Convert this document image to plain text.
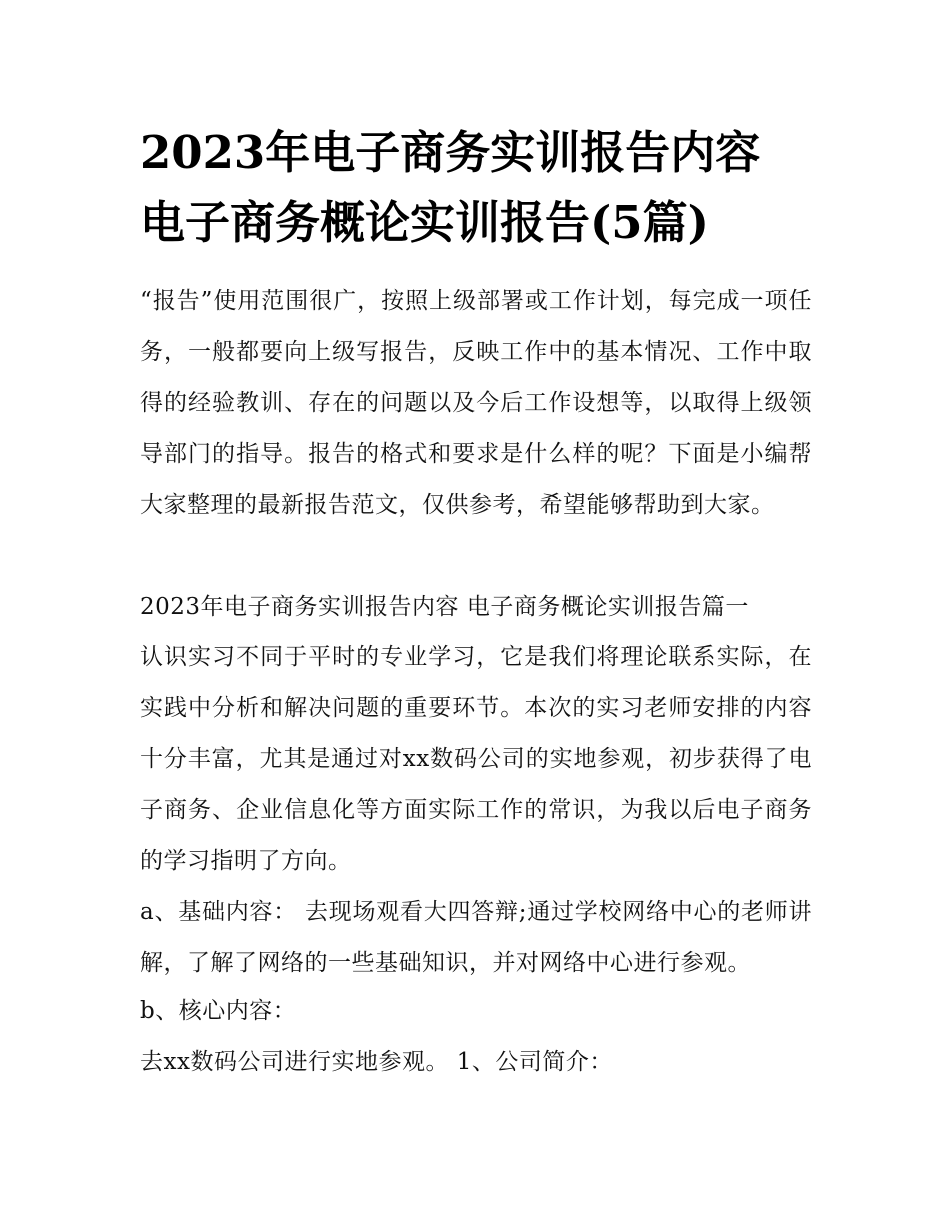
2023年电子商务实训报告内容 电子商务概论实训报告(5篇)

“报告”使用范围很广，按照上级部署或工作计划，每完成一项任务，一般都要向上级写报告，反映工作中的基本情况、工作中取得的经验教训、存在的问题以及今后工作设想等，以取得上级领导部门的指导。报告的格式和要求是什么样的呢？下面是小编帮大家整理的最新报告范文，仅供参考，希望能够帮助到大家。

2023年电子商务实训报告内容 电子商务概论实训报告篇一

认识实习不同于平时的专业学习，它是我们将理论联系实际，在实践中分析和解决问题的重要环节。本次的实习老师安排的内容十分丰富，尤其是通过对xx数码公司的实地参观，初步获得了电子商务、企业信息化等方面实际工作的常识，为我以后电子商务的学习指明了方向。

a、基础内容： 去现场观看大四答辩;通过学校网络中心的老师讲解，了解了网络的一些基础知识，并对网络中心进行参观。

b、核心内容：

去xx数码公司进行实地参观。 1、公司简介：
